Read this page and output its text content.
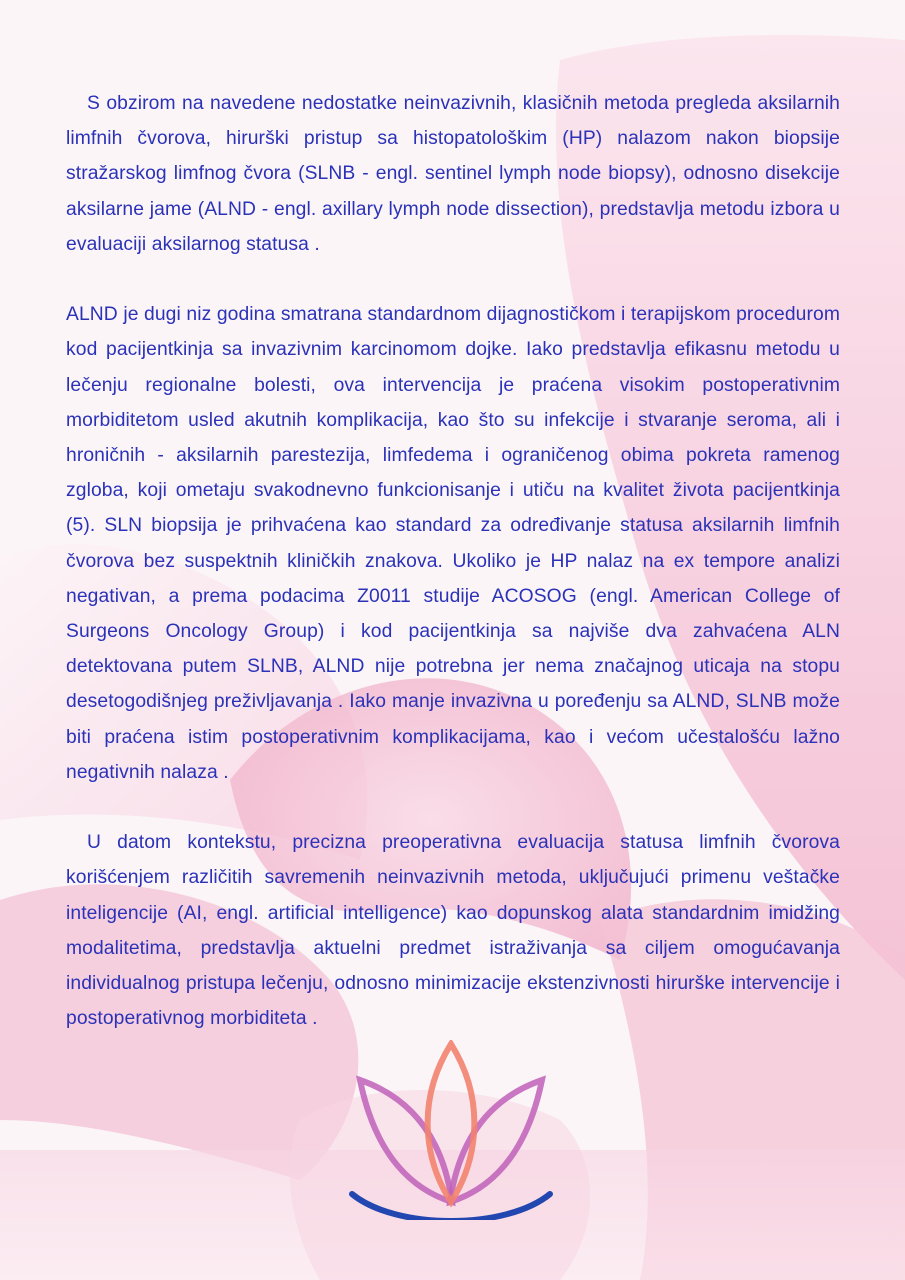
S obzirom na navedene nedostatke neinvazivnih, klasičnih metoda pregleda aksilarnih limfnih čvorova, hirurški pristup sa histopatološkim (HP) nalazom nakon biopsije stražarskog limfnog čvora (SLNB - engl. sentinel lymph node biopsy), odnosno disekcije aksilarne jame (ALND - engl. axillary lymph node dissection), predstavlja metodu izbora u evaluaciji aksilarnog statusa .

ALND je dugi niz godina smatrana standardnom dijagnostičkom i terapijskom procedurom kod pacijentkinja sa invazivnim karcinomom dojke. Iako predstavlja efikasnu metodu u lečenju regionalne bolesti, ova intervencija je praćena visokim postoperativnim morbiditetom usled akutnih komplikacija, kao što su infekcije i stvaranje seroma, ali i hroničnih - aksilarnih parestezija, limfedema i ograničenog obima pokreta ramenog zgloba, koji ometaju svakodnevno funkcionisanje i utiču na kvalitet života pacijentkinja (5). SLN biopsija je prihvaćena kao standard za određivanje statusa aksilarnih limfnih čvorova bez suspektnih kliničkih znakova. Ukoliko je HP nalaz na ex tempore analizi negativan, a prema podacima Z0011 studije ACOSOG (engl. American College of Surgeons Oncology Group) i kod pacijentkinja sa najviše dva zahvaćena ALN detektovana putem SLNB, ALND nije potrebna jer nema značajnog uticaja na stopu desetogodišnjeg preživljavanja . Iako manje invazivna u poređenju sa ALND, SLNB može biti praćena istim postoperativnim komplikacijama, kao i većom učestalošću lažno negativnih nalaza .

U datom kontekstu, precizna preoperativna evaluacija statusa limfnih čvorova korišćenjem različitih savremenih neinvazivnih metoda, uključujući primenu veštačke inteligencije (AI, engl. artificial intelligence) kao dopunskog alata standardnim imidžing modalitetima, predstavlja aktuelni predmet istraživanja sa ciljem omogućavanja individualnog pristupa lečenju, odnosno minimizacije ekstenzivnosti hirurške intervencije i postoperativnog morbiditeta .
